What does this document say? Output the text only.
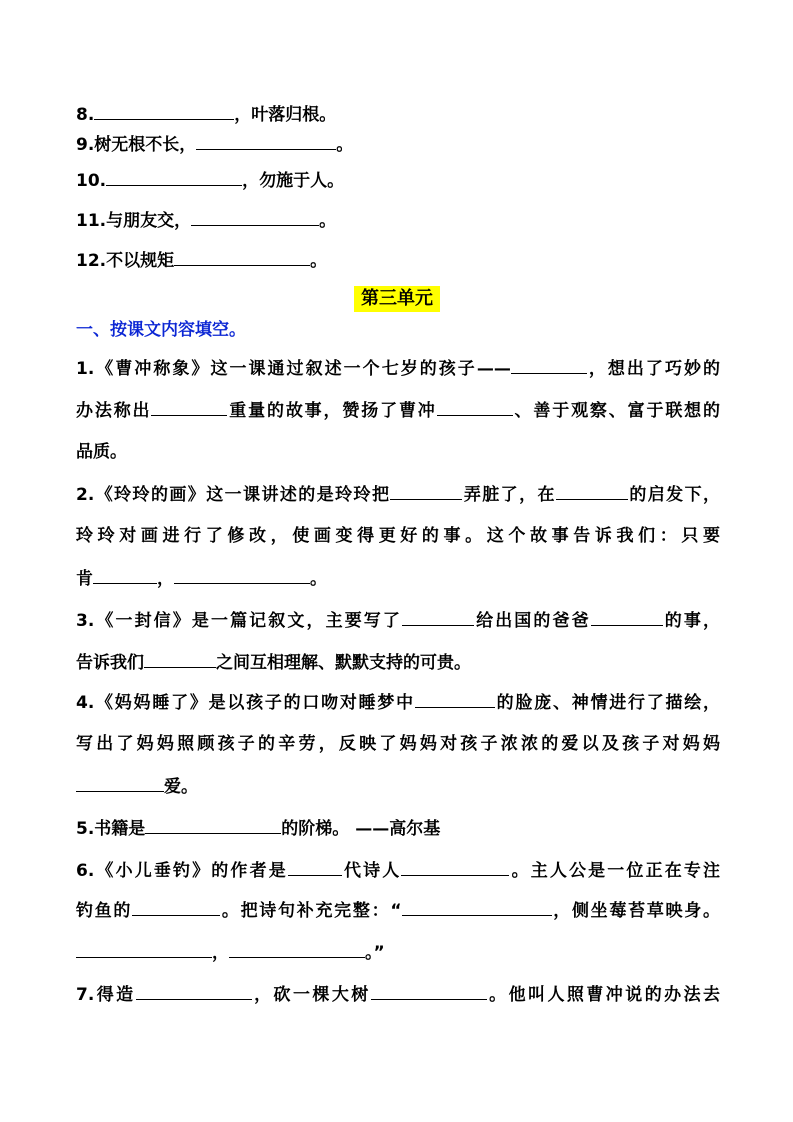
8.	，叶落归根。
9.树无根不长，	。
10.	，勿施于人。
11.与朋友交，	。
12.不以规矩	。
第三单元
一、按课文内容填空。
1.《曹冲称象》这一课通过叙述一个七岁的孩子——	，想出了巧妙的
办法称出	重量的故事，赞扬了曹冲	、善于观察、富于联想的
品质。
2.《玲玲的画》这一课讲述的是玲玲把	弄脏了，在	的启发下，
玲玲对画进行了修改，使画变得更好的事。这个故事告诉我们：只要
肯	，	。
3.《一封信》是一篇记叙文，主要写了	给出国的爸爸	的事，
告诉我们	之间互相理解、默默支持的可贵。
4.《妈妈睡了》是以孩子的口吻对睡梦中	的脸庞、神情进行了描绘，
写出了妈妈照顾孩子的辛劳，反映了妈妈对孩子浓浓的爱以及孩子对妈妈
爱。
5.书籍是	的阶梯。 ——高尔基
6.《小儿垂钓》的作者是	代诗人	。主人公是一位正在专注
钓鱼的	。把诗句补充完整：“	，侧坐莓苔草映身。
，	。”
7.得造	，砍一棵大树	。他叫人照曹冲说的办法去
